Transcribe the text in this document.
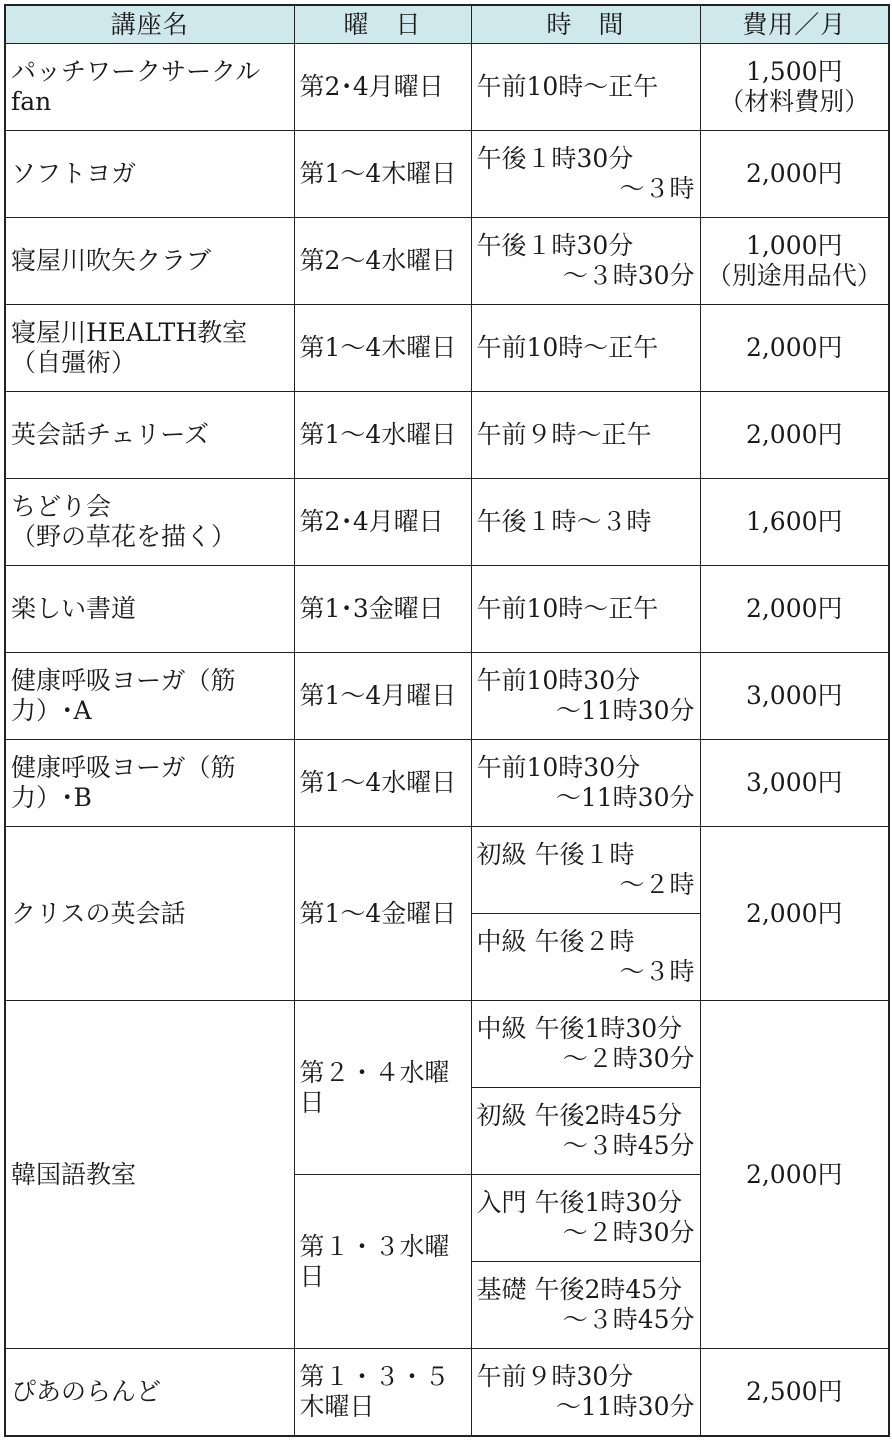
講座名	曜　日	時　間	費用／月

パッチワークサークル
fan	第2･4月曜日	午前10時～正午	1,500円
（材料費別）

ソフトヨガ	第1～4木曜日	午後１時30分
～３時	2,000円

寝屋川吹矢クラブ	第2～4水曜日	午後１時30分
～３時30分	1,000円
（別途用品代）

寝屋川HEALTH教室
（自彊術）	第1～4木曜日	午前10時～正午	2,000円

英会話チェリーズ	第1～4水曜日	午前９時～正午	2,000円

ちどり会
（野の草花を描く）	第2･4月曜日	午後１時～３時	1,600円

楽しい書道	第1･3金曜日	午前10時～正午	2,000円

健康呼吸ヨーガ（筋力）･A	第1～4月曜日	午前10時30分
～11時30分	3,000円

健康呼吸ヨーガ（筋力）･B	第1～4水曜日	午前10時30分
～11時30分	3,000円

クリスの英会話	第1～4金曜日	初級 午後１時
～２時	2,000円

		中級 午後２時
～３時	

韓国語教室	第２・４水曜日	中級 午後1時30分
～２時30分	2,000円

		初級 午後2時45分
～３時45分	

	第１・３水曜日	入門 午後1時30分
～２時30分	

		基礎 午後2時45分
～３時45分	

ぴあのらんど	第１・３・５
木曜日	午前９時30分
～11時30分	2,500円
